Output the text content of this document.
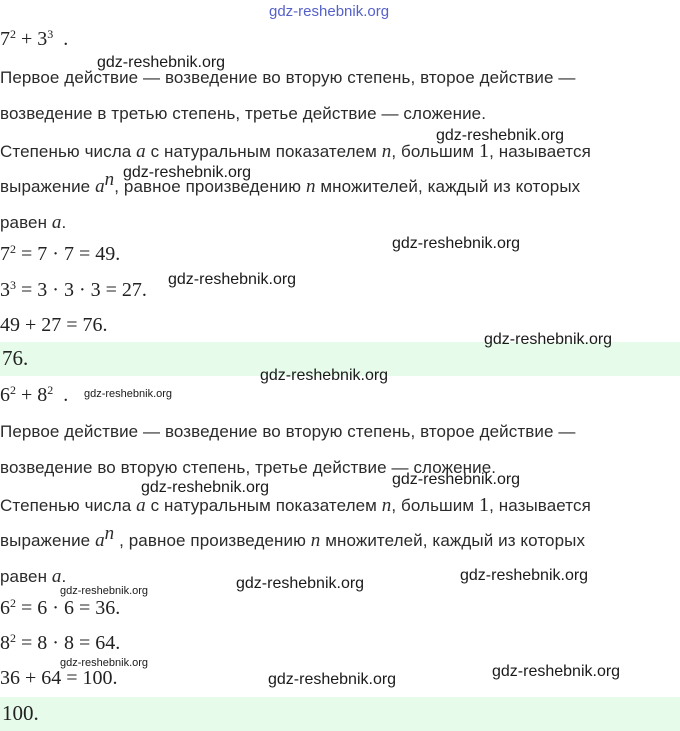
$7^2 + 3^3$ .
Первое действие — возведение во вторую степень, второе действие —
возведение в третью степень, третье действие — сложение.
Степенью числа a с натуральным показателем n, большим 1, называется
выражение $a^n$, равное произведению n множителей, каждый из которых
равен a.
$7^2 = 7 \cdot 7 = 49$.
$3^3 = 3 \cdot 3 \cdot 3 = 27$.
49 + 27 = 76.
76.
$6^2 + 8^2$ .
Первое действие — возведение во вторую степень, второе действие —
возведение во вторую степень, третье действие — сложение.
Степенью числа a с натуральным показателем n, большим 1, называется
выражение $a^n$ , равное произведению n множителей, каждый из которых
равен a.
$6^2 = 6 \cdot 6 = 36$.
$8^2 = 8 \cdot 8 = 64$.
36 + 64 = 100.
100.
gdz-reshebnik.org
gdz-reshebnik.org
gdz-reshebnik.org
gdz-reshebnik.org
gdz-reshebnik.org
gdz-reshebnik.org
gdz-reshebnik.org
gdz-reshebnik.org
gdz-reshebnik.org
gdz-reshebnik.org	gdz-reshebnik.org
gdz-reshebnik.org
gdz-reshebnik.org
gdz-reshebnik.org
gdz-reshebnik.org	gdz-reshebnik.org
gdz-reshebnik.org
